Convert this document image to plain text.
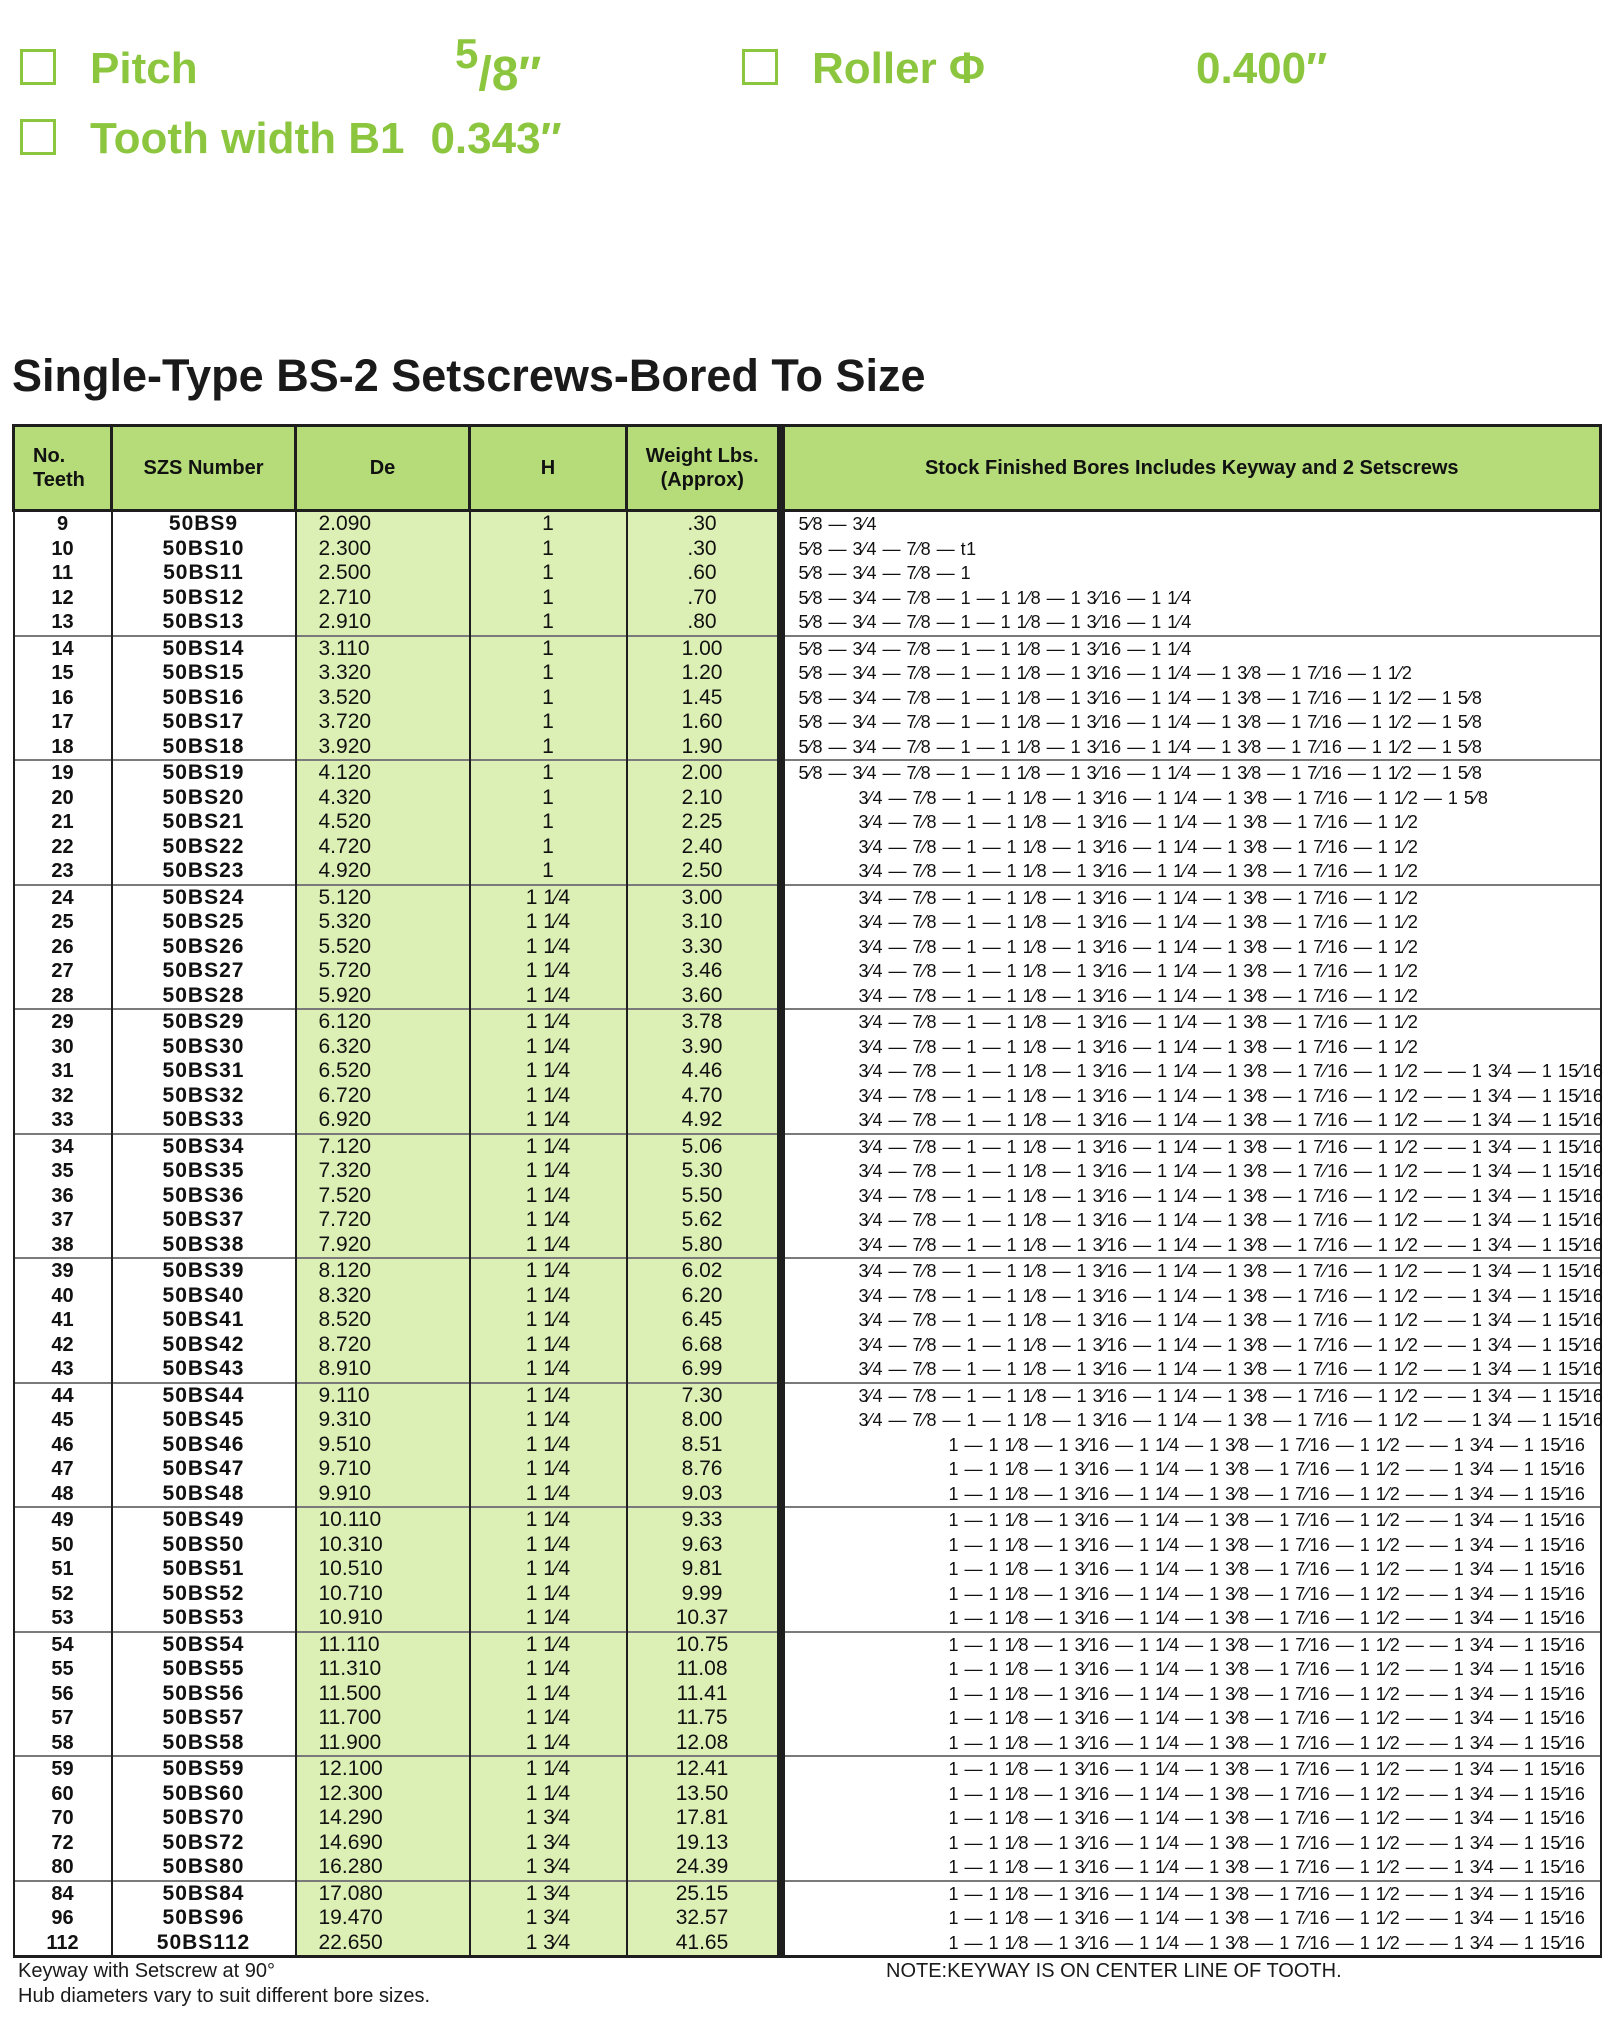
Pitch	$^5$/8″	Roller Φ	0.400″
Tooth width B1 0.343″
Single-Type BS-2 Setscrews-Bored To Size
No. Teeth	SZS Number	De	H	Weight Lbs. (Approx)	Stock Finished Bores Includes Keyway and 2 Setscrews
9	50BS9	2.090	1	.30	5⁄8 — 3⁄4
10	50BS10	2.300	1	.30	5⁄8 — 3⁄4 — 7⁄8 — t1
11	50BS11	2.500	1	.60	5⁄8 — 3⁄4 — 7⁄8 — 1
12	50BS12	2.710	1	.70	5⁄8 — 3⁄4 — 7⁄8 — 1 — 1 1⁄8 — 1 3⁄16 — 1 1⁄4
13	50BS13	2.910	1	.80	5⁄8 — 3⁄4 — 7⁄8 — 1 — 1 1⁄8 — 1 3⁄16 — 1 1⁄4
14	50BS14	3.110	1	1.00	5⁄8 — 3⁄4 — 7⁄8 — 1 — 1 1⁄8 — 1 3⁄16 — 1 1⁄4
15	50BS15	3.320	1	1.20	5⁄8 — 3⁄4 — 7⁄8 — 1 — 1 1⁄8 — 1 3⁄16 — 1 1⁄4 — 1 3⁄8 — 1 7⁄16 — 1 1⁄2
16	50BS16	3.520	1	1.45	5⁄8 — 3⁄4 — 7⁄8 — 1 — 1 1⁄8 — 1 3⁄16 — 1 1⁄4 — 1 3⁄8 — 1 7⁄16 — 1 1⁄2 — 1 5⁄8
17	50BS17	3.720	1	1.60	5⁄8 — 3⁄4 — 7⁄8 — 1 — 1 1⁄8 — 1 3⁄16 — 1 1⁄4 — 1 3⁄8 — 1 7⁄16 — 1 1⁄2 — 1 5⁄8
18	50BS18	3.920	1	1.90	5⁄8 — 3⁄4 — 7⁄8 — 1 — 1 1⁄8 — 1 3⁄16 — 1 1⁄4 — 1 3⁄8 — 1 7⁄16 — 1 1⁄2 — 1 5⁄8
19	50BS19	4.120	1	2.00	5⁄8 — 3⁄4 — 7⁄8 — 1 — 1 1⁄8 — 1 3⁄16 — 1 1⁄4 — 1 3⁄8 — 1 7⁄16 — 1 1⁄2 — 1 5⁄8
20	50BS20	4.320	1	2.10	3⁄4 — 7⁄8 — 1 — 1 1⁄8 — 1 3⁄16 — 1 1⁄4 — 1 3⁄8 — 1 7⁄16 — 1 1⁄2 — 1 5⁄8
21	50BS21	4.520	1	2.25	3⁄4 — 7⁄8 — 1 — 1 1⁄8 — 1 3⁄16 — 1 1⁄4 — 1 3⁄8 — 1 7⁄16 — 1 1⁄2
22	50BS22	4.720	1	2.40	3⁄4 — 7⁄8 — 1 — 1 1⁄8 — 1 3⁄16 — 1 1⁄4 — 1 3⁄8 — 1 7⁄16 — 1 1⁄2
23	50BS23	4.920	1	2.50	3⁄4 — 7⁄8 — 1 — 1 1⁄8 — 1 3⁄16 — 1 1⁄4 — 1 3⁄8 — 1 7⁄16 — 1 1⁄2
24	50BS24	5.120	1 1⁄4	3.00	3⁄4 — 7⁄8 — 1 — 1 1⁄8 — 1 3⁄16 — 1 1⁄4 — 1 3⁄8 — 1 7⁄16 — 1 1⁄2
25	50BS25	5.320	1 1⁄4	3.10	3⁄4 — 7⁄8 — 1 — 1 1⁄8 — 1 3⁄16 — 1 1⁄4 — 1 3⁄8 — 1 7⁄16 — 1 1⁄2
26	50BS26	5.520	1 1⁄4	3.30	3⁄4 — 7⁄8 — 1 — 1 1⁄8 — 1 3⁄16 — 1 1⁄4 — 1 3⁄8 — 1 7⁄16 — 1 1⁄2
27	50BS27	5.720	1 1⁄4	3.46	3⁄4 — 7⁄8 — 1 — 1 1⁄8 — 1 3⁄16 — 1 1⁄4 — 1 3⁄8 — 1 7⁄16 — 1 1⁄2
28	50BS28	5.920	1 1⁄4	3.60	3⁄4 — 7⁄8 — 1 — 1 1⁄8 — 1 3⁄16 — 1 1⁄4 — 1 3⁄8 — 1 7⁄16 — 1 1⁄2
29	50BS29	6.120	1 1⁄4	3.78	3⁄4 — 7⁄8 — 1 — 1 1⁄8 — 1 3⁄16 — 1 1⁄4 — 1 3⁄8 — 1 7⁄16 — 1 1⁄2
30	50BS30	6.320	1 1⁄4	3.90	3⁄4 — 7⁄8 — 1 — 1 1⁄8 — 1 3⁄16 — 1 1⁄4 — 1 3⁄8 — 1 7⁄16 — 1 1⁄2
31	50BS31	6.520	1 1⁄4	4.46	3⁄4 — 7⁄8 — 1 — 1 1⁄8 — 1 3⁄16 — 1 1⁄4 — 1 3⁄8 — 1 7⁄16 — 1 1⁄2 — — 1 3⁄4 — 1 15⁄16
32	50BS32	6.720	1 1⁄4	4.70	3⁄4 — 7⁄8 — 1 — 1 1⁄8 — 1 3⁄16 — 1 1⁄4 — 1 3⁄8 — 1 7⁄16 — 1 1⁄2 — — 1 3⁄4 — 1 15⁄16
33	50BS33	6.920	1 1⁄4	4.92	3⁄4 — 7⁄8 — 1 — 1 1⁄8 — 1 3⁄16 — 1 1⁄4 — 1 3⁄8 — 1 7⁄16 — 1 1⁄2 — — 1 3⁄4 — 1 15⁄16
34	50BS34	7.120	1 1⁄4	5.06	3⁄4 — 7⁄8 — 1 — 1 1⁄8 — 1 3⁄16 — 1 1⁄4 — 1 3⁄8 — 1 7⁄16 — 1 1⁄2 — — 1 3⁄4 — 1 15⁄16
35	50BS35	7.320	1 1⁄4	5.30	3⁄4 — 7⁄8 — 1 — 1 1⁄8 — 1 3⁄16 — 1 1⁄4 — 1 3⁄8 — 1 7⁄16 — 1 1⁄2 — — 1 3⁄4 — 1 15⁄16
36	50BS36	7.520	1 1⁄4	5.50	3⁄4 — 7⁄8 — 1 — 1 1⁄8 — 1 3⁄16 — 1 1⁄4 — 1 3⁄8 — 1 7⁄16 — 1 1⁄2 — — 1 3⁄4 — 1 15⁄16
37	50BS37	7.720	1 1⁄4	5.62	3⁄4 — 7⁄8 — 1 — 1 1⁄8 — 1 3⁄16 — 1 1⁄4 — 1 3⁄8 — 1 7⁄16 — 1 1⁄2 — — 1 3⁄4 — 1 15⁄16
38	50BS38	7.920	1 1⁄4	5.80	3⁄4 — 7⁄8 — 1 — 1 1⁄8 — 1 3⁄16 — 1 1⁄4 — 1 3⁄8 — 1 7⁄16 — 1 1⁄2 — — 1 3⁄4 — 1 15⁄16
39	50BS39	8.120	1 1⁄4	6.02	3⁄4 — 7⁄8 — 1 — 1 1⁄8 — 1 3⁄16 — 1 1⁄4 — 1 3⁄8 — 1 7⁄16 — 1 1⁄2 — — 1 3⁄4 — 1 15⁄16
40	50BS40	8.320	1 1⁄4	6.20	3⁄4 — 7⁄8 — 1 — 1 1⁄8 — 1 3⁄16 — 1 1⁄4 — 1 3⁄8 — 1 7⁄16 — 1 1⁄2 — — 1 3⁄4 — 1 15⁄16
41	50BS41	8.520	1 1⁄4	6.45	3⁄4 — 7⁄8 — 1 — 1 1⁄8 — 1 3⁄16 — 1 1⁄4 — 1 3⁄8 — 1 7⁄16 — 1 1⁄2 — — 1 3⁄4 — 1 15⁄16
42	50BS42	8.720	1 1⁄4	6.68	3⁄4 — 7⁄8 — 1 — 1 1⁄8 — 1 3⁄16 — 1 1⁄4 — 1 3⁄8 — 1 7⁄16 — 1 1⁄2 — — 1 3⁄4 — 1 15⁄16
43	50BS43	8.910	1 1⁄4	6.99	3⁄4 — 7⁄8 — 1 — 1 1⁄8 — 1 3⁄16 — 1 1⁄4 — 1 3⁄8 — 1 7⁄16 — 1 1⁄2 — — 1 3⁄4 — 1 15⁄16
44	50BS44	9.110	1 1⁄4	7.30	3⁄4 — 7⁄8 — 1 — 1 1⁄8 — 1 3⁄16 — 1 1⁄4 — 1 3⁄8 — 1 7⁄16 — 1 1⁄2 — — 1 3⁄4 — 1 15⁄16
45	50BS45	9.310	1 1⁄4	8.00	3⁄4 — 7⁄8 — 1 — 1 1⁄8 — 1 3⁄16 — 1 1⁄4 — 1 3⁄8 — 1 7⁄16 — 1 1⁄2 — — 1 3⁄4 — 1 15⁄16
46	50BS46	9.510	1 1⁄4	8.51	1 — 1 1⁄8 — 1 3⁄16 — 1 1⁄4 — 1 3⁄8 — 1 7⁄16 — 1 1⁄2 — — 1 3⁄4 — 1 15⁄16
47	50BS47	9.710	1 1⁄4	8.76	1 — 1 1⁄8 — 1 3⁄16 — 1 1⁄4 — 1 3⁄8 — 1 7⁄16 — 1 1⁄2 — — 1 3⁄4 — 1 15⁄16
48	50BS48	9.910	1 1⁄4	9.03	1 — 1 1⁄8 — 1 3⁄16 — 1 1⁄4 — 1 3⁄8 — 1 7⁄16 — 1 1⁄2 — — 1 3⁄4 — 1 15⁄16
49	50BS49	10.110	1 1⁄4	9.33	1 — 1 1⁄8 — 1 3⁄16 — 1 1⁄4 — 1 3⁄8 — 1 7⁄16 — 1 1⁄2 — — 1 3⁄4 — 1 15⁄16
50	50BS50	10.310	1 1⁄4	9.63	1 — 1 1⁄8 — 1 3⁄16 — 1 1⁄4 — 1 3⁄8 — 1 7⁄16 — 1 1⁄2 — — 1 3⁄4 — 1 15⁄16
51	50BS51	10.510	1 1⁄4	9.81	1 — 1 1⁄8 — 1 3⁄16 — 1 1⁄4 — 1 3⁄8 — 1 7⁄16 — 1 1⁄2 — — 1 3⁄4 — 1 15⁄16
52	50BS52	10.710	1 1⁄4	9.99	1 — 1 1⁄8 — 1 3⁄16 — 1 1⁄4 — 1 3⁄8 — 1 7⁄16 — 1 1⁄2 — — 1 3⁄4 — 1 15⁄16
53	50BS53	10.910	1 1⁄4	10.37	1 — 1 1⁄8 — 1 3⁄16 — 1 1⁄4 — 1 3⁄8 — 1 7⁄16 — 1 1⁄2 — — 1 3⁄4 — 1 15⁄16
54	50BS54	11.110	1 1⁄4	10.75	1 — 1 1⁄8 — 1 3⁄16 — 1 1⁄4 — 1 3⁄8 — 1 7⁄16 — 1 1⁄2 — — 1 3⁄4 — 1 15⁄16
55	50BS55	11.310	1 1⁄4	11.08	1 — 1 1⁄8 — 1 3⁄16 — 1 1⁄4 — 1 3⁄8 — 1 7⁄16 — 1 1⁄2 — — 1 3⁄4 — 1 15⁄16
56	50BS56	11.500	1 1⁄4	11.41	1 — 1 1⁄8 — 1 3⁄16 — 1 1⁄4 — 1 3⁄8 — 1 7⁄16 — 1 1⁄2 — — 1 3⁄4 — 1 15⁄16
57	50BS57	11.700	1 1⁄4	11.75	1 — 1 1⁄8 — 1 3⁄16 — 1 1⁄4 — 1 3⁄8 — 1 7⁄16 — 1 1⁄2 — — 1 3⁄4 — 1 15⁄16
58	50BS58	11.900	1 1⁄4	12.08	1 — 1 1⁄8 — 1 3⁄16 — 1 1⁄4 — 1 3⁄8 — 1 7⁄16 — 1 1⁄2 — — 1 3⁄4 — 1 15⁄16
59	50BS59	12.100	1 1⁄4	12.41	1 — 1 1⁄8 — 1 3⁄16 — 1 1⁄4 — 1 3⁄8 — 1 7⁄16 — 1 1⁄2 — — 1 3⁄4 — 1 15⁄16
60	50BS60	12.300	1 1⁄4	13.50	1 — 1 1⁄8 — 1 3⁄16 — 1 1⁄4 — 1 3⁄8 — 1 7⁄16 — 1 1⁄2 — — 1 3⁄4 — 1 15⁄16
70	50BS70	14.290	1 3⁄4	17.81	1 — 1 1⁄8 — 1 3⁄16 — 1 1⁄4 — 1 3⁄8 — 1 7⁄16 — 1 1⁄2 — — 1 3⁄4 — 1 15⁄16
72	50BS72	14.690	1 3⁄4	19.13	1 — 1 1⁄8 — 1 3⁄16 — 1 1⁄4 — 1 3⁄8 — 1 7⁄16 — 1 1⁄2 — — 1 3⁄4 — 1 15⁄16
80	50BS80	16.280	1 3⁄4	24.39	1 — 1 1⁄8 — 1 3⁄16 — 1 1⁄4 — 1 3⁄8 — 1 7⁄16 — 1 1⁄2 — — 1 3⁄4 — 1 15⁄16
84	50BS84	17.080	1 3⁄4	25.15	1 — 1 1⁄8 — 1 3⁄16 — 1 1⁄4 — 1 3⁄8 — 1 7⁄16 — 1 1⁄2 — — 1 3⁄4 — 1 15⁄16
96	50BS96	19.470	1 3⁄4	32.57	1 — 1 1⁄8 — 1 3⁄16 — 1 1⁄4 — 1 3⁄8 — 1 7⁄16 — 1 1⁄2 — — 1 3⁄4 — 1 15⁄16
112	50BS112	22.650	1 3⁄4	41.65	1 — 1 1⁄8 — 1 3⁄16 — 1 1⁄4 — 1 3⁄8 — 1 7⁄16 — 1 1⁄2 — — 1 3⁄4 — 1 15⁄16
Keyway with Setscrew at 90°
Hub diameters vary to suit different bore sizes.
NOTE:KEYWAY IS ON CENTER LINE OF TOOTH.
